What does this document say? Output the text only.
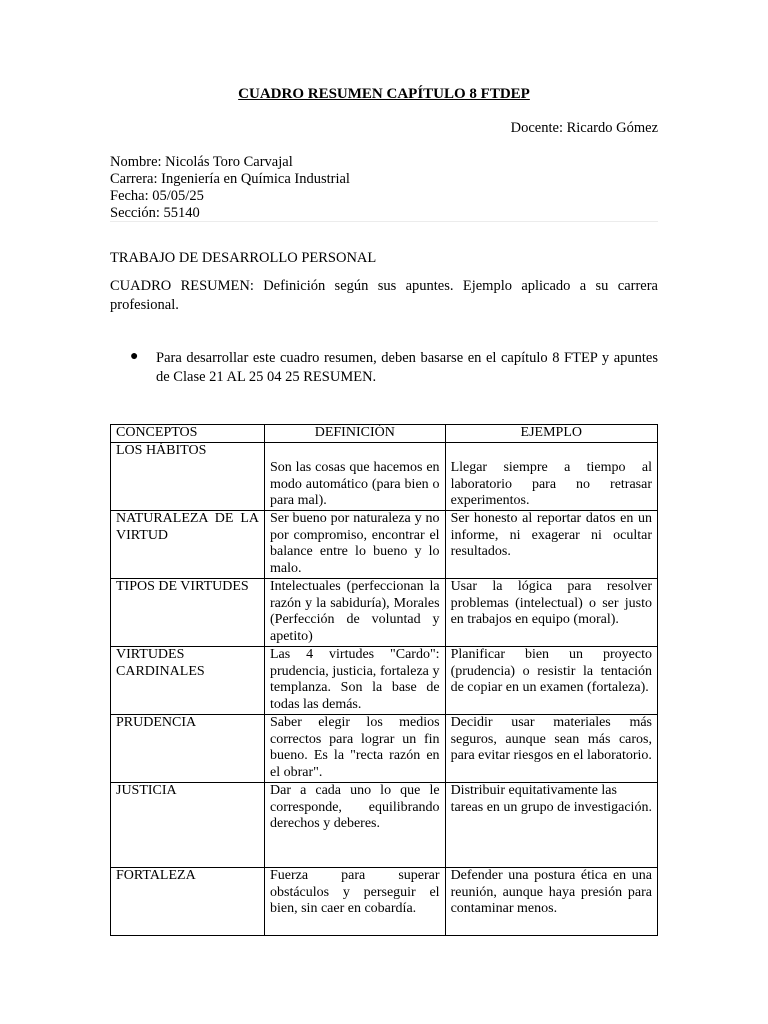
CUADRO RESUMEN CAPÍTULO 8 FTDEP
Docente: Ricardo Gómez
Nombre: Nicolás Toro Carvajal
Carrera: Ingeniería en Química Industrial
Fecha: 05/05/25
Sección: 55140
TRABAJO DE DESARROLLO PERSONAL
CUADRO RESUMEN: Definición según sus apuntes. Ejemplo aplicado a su carrera profesional.
● Para desarrollar este cuadro resumen, deben basarse en el capítulo 8 FTEP y apuntes de Clase 21 AL 25 04 25 RESUMEN.
CONCEPTOS	DEFINICIÓN	EJEMPLO
LOS HÁBITOS	Son las cosas que hacemos en modo automático (para bien o para mal).	Llegar siempre a tiempo al laboratorio para no retrasar experimentos.
NATURALEZA DE LA VIRTUD	Ser bueno por naturaleza y no por compromiso, encontrar el balance entre lo bueno y lo malo.	Ser honesto al reportar datos en un informe, ni exagerar ni ocultar resultados.
TIPOS DE VIRTUDES	Intelectuales (perfeccionan la razón y la sabiduría), Morales (Perfección de voluntad y apetito)	Usar la lógica para resolver problemas (intelectual) o ser justo en trabajos en equipo (moral).
VIRTUDES CARDINALES	Las 4 virtudes "Cardo": prudencia, justicia, fortaleza y templanza. Son la base de todas las demás.	Planificar bien un proyecto (prudencia) o resistir la tentación de copiar en un examen (fortaleza).
PRUDENCIA	Saber elegir los medios correctos para lograr un fin bueno. Es la "recta razón en el obrar".	Decidir usar materiales más seguros, aunque sean más caros, para evitar riesgos en el laboratorio.
JUSTICIA	Dar a cada uno lo que le corresponde, equilibrando derechos y deberes.	Distribuir equitativamente las tareas en un grupo de investigación.
FORTALEZA	Fuerza para superar obstáculos y perseguir el bien, sin caer en cobardía.	Defender una postura ética en una reunión, aunque haya presión para contaminar menos.
